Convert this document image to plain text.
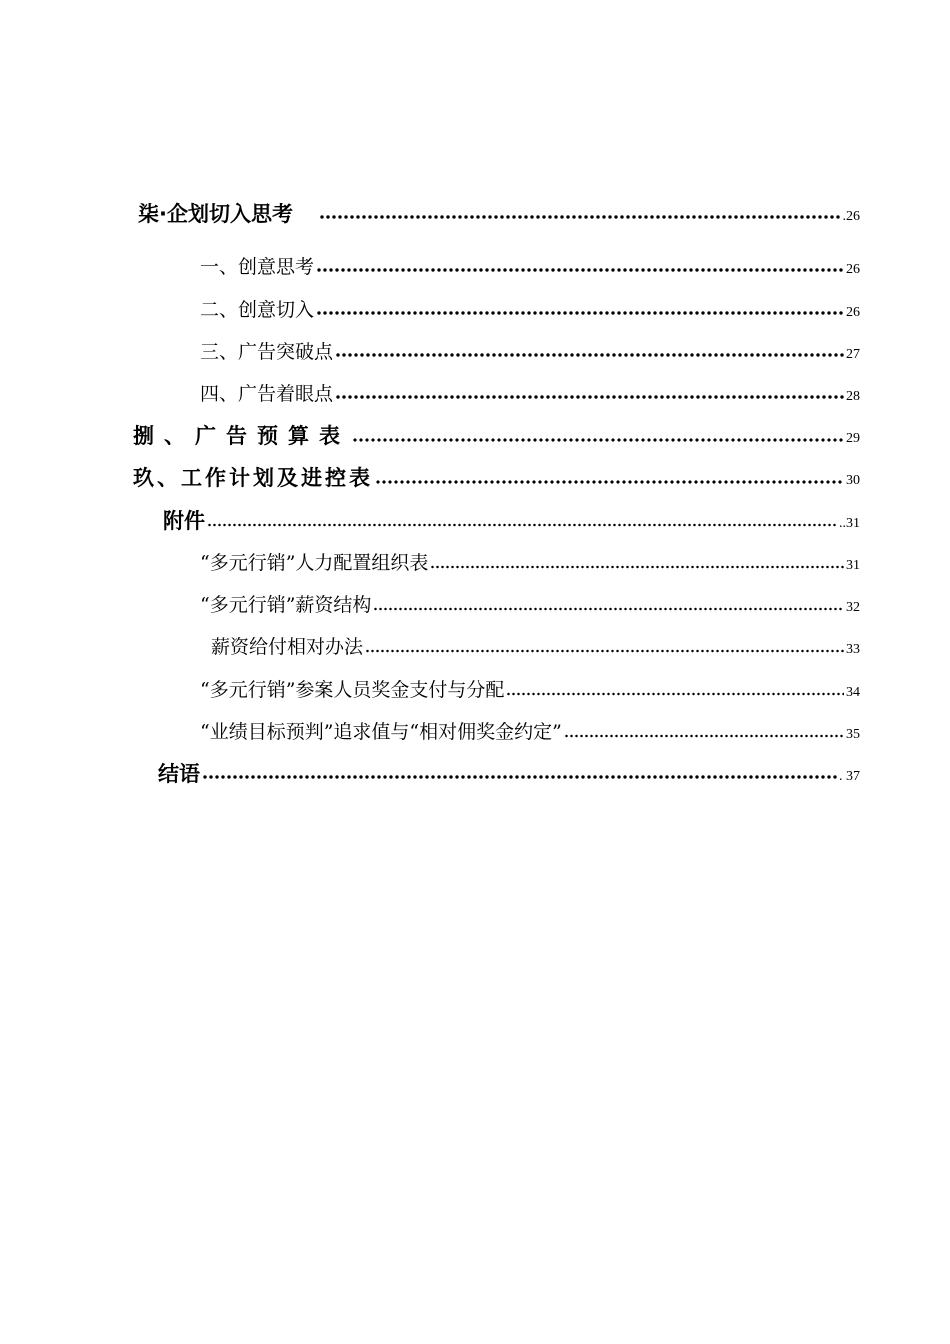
柒·企划切入思考	.26
一、创意思考	26
二、创意切入	26
三、广告突破点	27
四、广告着眼点	28
捌、广告预算表	29
玖、工作计划及进控表	30
附件	..31
“多元行销”人力配置组织表	31
“多元行销”薪资结构	32
薪资给付相对办法	33
“多元行销”参案人员奖金支付与分配	34
“业绩目标预判”追求值与“相对佣奖金约定”	35
结语	. 37
